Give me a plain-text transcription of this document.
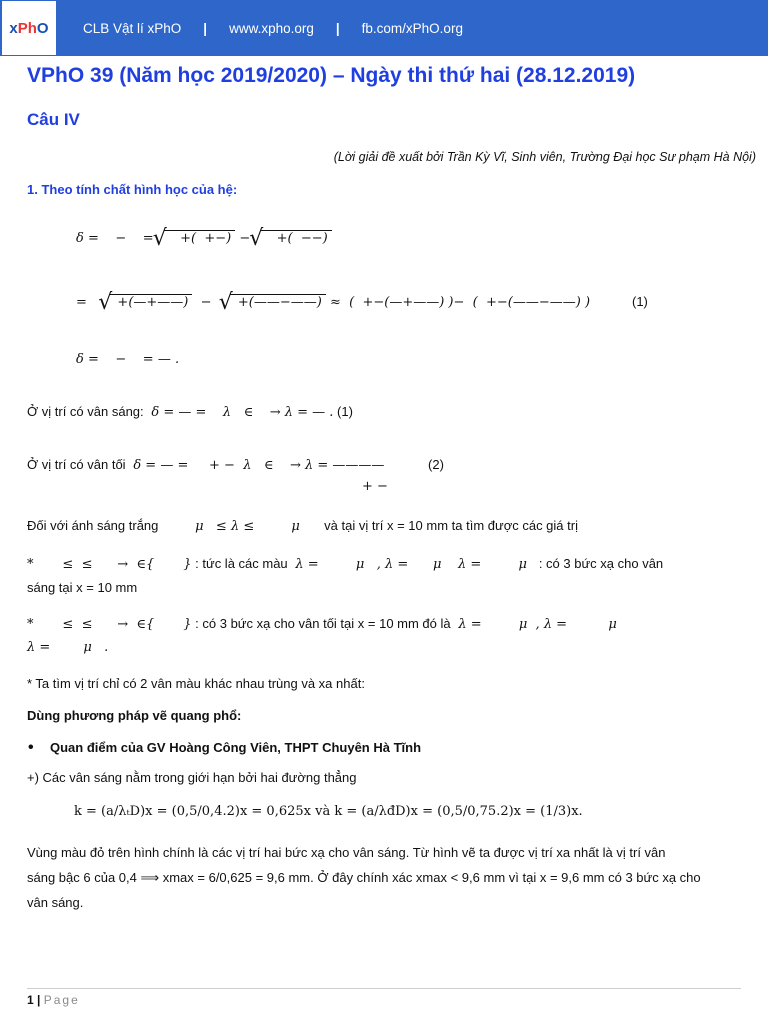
x Ph O	CLB Vật lí xPhO | www.xpho.org | fb.com/xPhO.org
VPhO 39 (Năm học 2019/2020) – Ngày thi thứ hai (28.12.2019)
Câu IV
(Lời giải đề xuất bởi Trần Kỳ Vĩ, Sinh viên, Trường Đại học Sư phạm Hà Nội)
1. Theo tính chất hình học của hệ:
δ =    −    =√    +(  +−) −√    +(  −−)
=   √  +(—+——)  −  √  +(——−——) ≈  (  +−(—+——) )−  (  +−(——−——) )	(1)
δ =    −    = — .
Ở vị trí có vân sáng:  δ = — =    λ   ∈    → λ = — . (1)
Ở vị trí có vân tối  δ = — =     + −  λ   ∈    → λ = ————	(2)
+ −
Đối với ánh sáng trắng         μ   ≤ λ ≤         μ      và tại vị trí x = 10 mm ta tìm được các giá trị
*       ≤  ≤      →  ∈{       } : tức là các màu  λ =         μ   , λ =      μ    λ =         μ   : có 3 bức xạ cho vân
sáng tại x = 10 mm
*       ≤  ≤      →  ∈{       } : có 3 bức xạ cho vân tối tại x = 10 mm đó là  λ =         μ  , λ =          μ
λ =        μ   .
* Ta tìm vị trí chỉ có 2 vân màu khác nhau trùng và xa nhất:
Dùng phương pháp vẽ quang phổ:
• Quan điểm của GV Hoàng Công Viên, THPT Chuyên Hà Tĩnh
+) Các vân sáng nằm trong giới hạn bởi hai đường thẳng
k = (a/λₜD)x = (0,5/0,4.2)x = 0,625x và k = (a/λđD)x = (0,5/0,75.2)x = (1/3)x.
Vùng màu đỏ trên hình chính là các vị trí hai bức xạ cho vân sáng. Từ hình vẽ ta được vị trí xa nhất là vị trí vân
sáng bậc 6 của 0,4 ⟹ xmax = 6/0,625 = 9,6 mm. Ở đây chính xác xmax < 9,6 mm vì tại x = 9,6 mm có 3 bức xạ cho
vân sáng.
1 | Page
